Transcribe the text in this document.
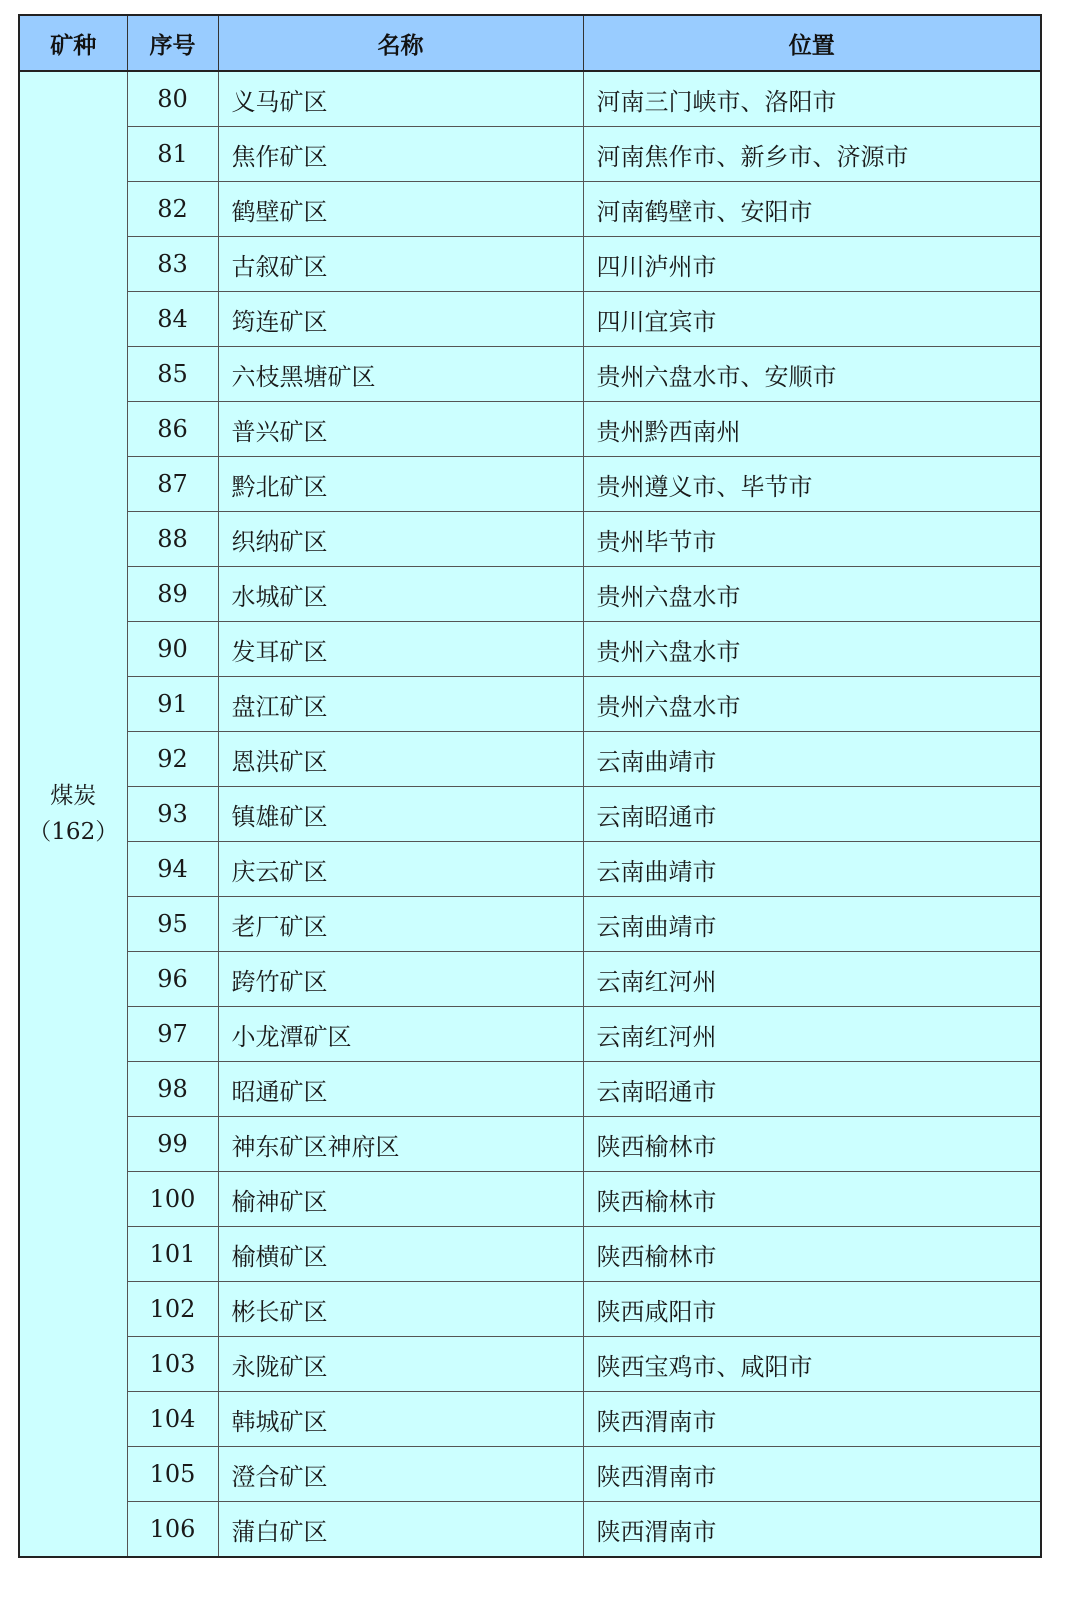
矿种	序号	名称	位置
煤炭
（162）	80	义马矿区	河南三门峡市、洛阳市
	81	焦作矿区	河南焦作市、新乡市、济源市
	82	鹤壁矿区	河南鹤壁市、安阳市
	83	古叙矿区	四川泸州市
	84	筠连矿区	四川宜宾市
	85	六枝黑塘矿区	贵州六盘水市、安顺市
	86	普兴矿区	贵州黔西南州
	87	黔北矿区	贵州遵义市、毕节市
	88	织纳矿区	贵州毕节市
	89	水城矿区	贵州六盘水市
	90	发耳矿区	贵州六盘水市
	91	盘江矿区	贵州六盘水市
	92	恩洪矿区	云南曲靖市
	93	镇雄矿区	云南昭通市
	94	庆云矿区	云南曲靖市
	95	老厂矿区	云南曲靖市
	96	跨竹矿区	云南红河州
	97	小龙潭矿区	云南红河州
	98	昭通矿区	云南昭通市
	99	神东矿区神府区	陕西榆林市
	100	榆神矿区	陕西榆林市
	101	榆横矿区	陕西榆林市
	102	彬长矿区	陕西咸阳市
	103	永陇矿区	陕西宝鸡市、咸阳市
	104	韩城矿区	陕西渭南市
	105	澄合矿区	陕西渭南市
	106	蒲白矿区	陕西渭南市
